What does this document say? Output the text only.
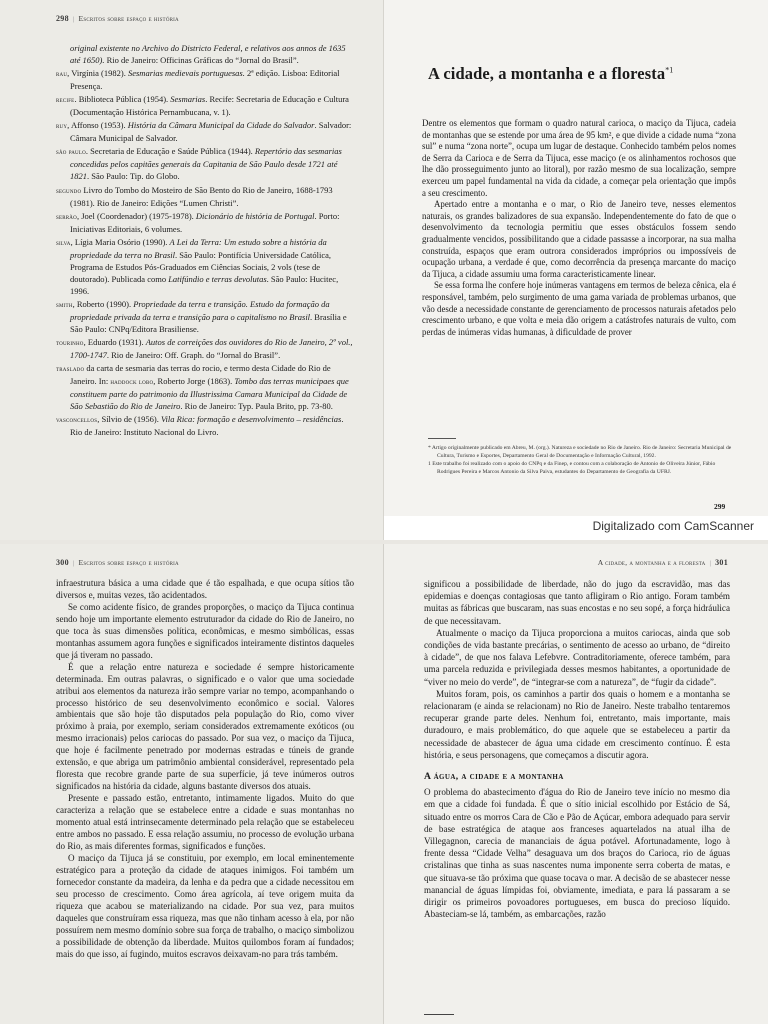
298 | Escritos sobre espaço e história

original existente no Archivo do Districto Federal, e relativos aos annos de 1635 até 1650). Rio de Janeiro: Officinas Gráficas do “Jornal do Brasil”.

rau, Virgínia (1982). Sesmarias medievais portuguesas. 2ª edição. Lisboa: Editorial Presença.

recife. Biblioteca Pública (1954). Sesmarias. Recife: Secretaria de Educação e Cultura (Documentação Histórica Pernambucana, v. 1).

ruy, Affonso (1953). História da Câmara Municipal da Cidade do Salvador. Salvador: Câmara Municipal de Salvador.

são paulo. Secretaria de Educação e Saúde Pública (1944). Repertório das sesmarias concedidas pelos capitães generais da Capitania de São Paulo desde 1721 até 1821. São Paulo: Tip. do Globo.

segundo Livro do Tombo do Mosteiro de São Bento do Rio de Janeiro, 1688-1793 (1981). Rio de Janeiro: Edições “Lumen Christi”.

serrão, Joel (Coordenador) (1975-1978). Dicionário de história de Portugal. Porto: Iniciativas Editoriais, 6 volumes.

silva, Lígia Maria Osório (1990). A Lei da Terra: Um estudo sobre a história da propriedade da terra no Brasil. São Paulo: Pontifícia Universidade Católica, Programa de Estudos Pós-Graduados em Ciências Sociais, 2 vols (tese de doutorado). Publicada como Latifúndio e terras devolutas. São Paulo: Hucitec, 1996.

smith, Roberto (1990). Propriedade da terra e transição. Estudo da formação da propriedade privada da terra e transição para o capitalismo no Brasil. Brasília e São Paulo: CNPq/Editora Brasiliense.

tourinho, Eduardo (1931). Autos de correições dos ouvidores do Rio de Janeiro, 2º vol., 1700-1747. Rio de Janeiro: Off. Graph. do “Jornal do Brasil”.

traslado da carta de sesmaria das terras do rocio, e termo desta Cidade do Rio de Janeiro. In: haddock lobo, Roberto Jorge (1863). Tombo das terras municipaes que constituem parte do patrimonio da Illustrissima Camara Municipal da Cidade de São Sebastião do Rio de Janeiro. Rio de Janeiro: Typ. Paula Brito, pp. 73-80.

vasconcellos, Sílvio de (1956). Vila Rica: formação e desenvolvimento – residências. Rio de Janeiro: Instituto Nacional do Livro.

A cidade, a montanha e a floresta$^{*1}$

Dentre os elementos que formam o quadro natural carioca, o maciço da Tijuca, cadeia de montanhas que se estende por uma área de 95 km², e que divide a cidade numa “zona sul” e numa “zona norte”, ocupa um lugar de destaque. Conhecido também pelos nomes de Serra da Carioca e de Serra da Tijuca, esse maciço (e os alinhamentos rochosos que lhe dão prosseguimento junto ao litoral), por razão mesmo de sua localização, sempre exerceu um papel fundamental na vida da cidade, a começar pela orientação que impôs a seu crescimento.

Apertado entre a montanha e o mar, o Rio de Janeiro teve, nesses elementos naturais, os grandes balizadores de sua expansão. Independentemente do fato de que o desenvolvimento da tecnologia permitiu que esses obstáculos fossem sendo gradualmente vencidos, possibilitando que a cidade passasse a incorporar, na sua malha construída, espaços que eram outrora considerados impróprios ou impossíveis de ocupação urbana, a verdade é que, como decorrência da presença marcante do maciço da Tijuca, a cidade assumiu uma forma caracteristicamente linear.

Se essa forma lhe confere hoje inúmeras vantagens em termos de beleza cênica, ela é responsável, também, pelo surgimento de uma gama variada de problemas urbanos, que vão desde a necessidade constante de gerenciamento de processos naturais afetados pelo crescimento urbano, e que volta e meia dão origem a catástrofes naturais de vulto, com perdas de inúmeras vidas humanas, à dificuldade de prover

* Artigo originalmente publicado em Abreu, M. (org.). Natureza e sociedade no Rio de Janeiro. Rio de Janeiro: Secretaria Municipal de Cultura, Turismo e Esportes, Departamento Geral de Documentação e Informação Cultural, 1992.

1 Este trabalho foi realizado com o apoio do CNPq e da Finep, e contou com a colaboração de Antonio de Oliveira Júnior, Fábio Rodrigues Pereira e Marcos Antonio da Silva Paiva, estudantes do Departamento de Geografia da UFRJ.

299
Digitalizado com CamScanner
300 | Escritos sobre espaço e história

infraestrutura básica a uma cidade que é tão espalhada, e que ocupa sítios tão diversos e, muitas vezes, tão acidentados.

Se como acidente físico, de grandes proporções, o maciço da Tijuca continua sendo hoje um importante elemento estruturador da cidade do Rio de Janeiro, no que toca às suas dimensões política, econômicas, e mesmo simbólicas, essas montanhas assumem agora funções e significados inteiramente distintos daqueles que já tiveram no passado.

É que a relação entre natureza e sociedade é sempre historicamente determinada. Em outras palavras, o significado e o valor que uma sociedade atribui aos elementos da natureza irão sempre variar no tempo, acompanhando o processo histórico de seu desenvolvimento econômico e social. Valores ambientais que são hoje tão disputados pela população do Rio, como viver próximo à praia, por exemplo, seriam considerados extremamente exóticos (ou mesmo irracionais) pelos cariocas do passado. Por sua vez, o maciço da Tijuca, que hoje é facilmente penetrado por modernas estradas e túneis de grande extensão, e que abriga um patrimônio ambiental considerável, representado pela floresta que recobre grande parte de sua superfície, já teve inúmeros outros significados na história da cidade, alguns bastante diversos dos atuais.

Presente e passado estão, entretanto, intimamente ligados. Muito do que caracteriza a relação que se estabelece entre a cidade e suas montanhas no momento atual está intrinsecamente determinado pela relação que se estabeleceu entre ambos no passado. E essa relação assumiu, no processo de evolução urbana do Rio, as mais diferentes formas, significados e funções.

O maciço da Tijuca já se constituiu, por exemplo, em local eminentemente estratégico para a proteção da cidade de ataques inimigos. Foi também um fornecedor constante da madeira, da lenha e da pedra que a cidade necessitou em seu processo de crescimento. Como área agrícola, aí teve origem muita da riqueza que acabou se materializando na cidade. Por sua vez, para muitos daqueles que construíram essa riqueza, mas que não tinham acesso à ela, por não possuírem nem mesmo domínio sobre sua força de trabalho, o maciço simbolizou a possibilidade de obtenção da liberdade. Muitos quilombos foram aí fundados; mais do que isso, aí fugindo, muitos escravos deixavam-no para trás também.

A cidade, a montanha e a floresta | 301

significou a possibilidade de liberdade, não do jugo da escravidão, mas das epidemias e doenças contagiosas que tanto afligiram o Rio antigo. Foram também muitas as fábricas que buscaram, nas suas encostas e no seu sopé, a força hidráulica de que necessitavam.

Atualmente o maciço da Tijuca proporciona a muitos cariocas, ainda que sob condições de vida bastante precárias, o sentimento de acesso ao urbano, de “direito à cidade”, de que nos falava Lefebvre. Contraditoriamente, oferece também, para uma parcela reduzida e privilegiada desses mesmos habitantes, a oportunidade de “viver no meio do verde”, de “integrar-se com a natureza”, de “fugir da cidade”.

Muitos foram, pois, os caminhos a partir dos quais o homem e a montanha se relacionaram (e ainda se relacionam) no Rio de Janeiro. Neste trabalho tentaremos recuperar grande parte deles. Nenhum foi, entretanto, mais importante, mais duradouro, e mais problemático, do que aquele que se estabeleceu a partir da necessidade de abastecer de água uma cidade em crescimento contínuo. É esta história, e seus personagens, que começamos a discutir agora.

A água, a cidade e a montanha

O problema do abastecimento d'água do Rio de Janeiro teve início no mesmo dia em que a cidade foi fundada. É que o sítio inicial escolhido por Estácio de Sá, situado entre os morros Cara de Cão e Pão de Açúcar, embora adequado para servir de base estratégica de ataque aos franceses aquartelados na atual ilha de Villegagnon, carecia de mananciais de água potável. Afortunadamente, logo à frente dessa “Cidade Velha” desaguava um dos braços do Carioca, rio de águas cristalinas que tinha as suas nascentes numa imponente serra coberta de matas, e que situava-se tão próxima que quase tocava o mar. A decisão de se abastecer nesse manancial de águas límpidas foi, obviamente, imediata, e para lá passaram a se dirigir os primeiros povoadores portugueses, em busca do precioso líquido. Abasteciam-se lá, também, as embarcações, razão
